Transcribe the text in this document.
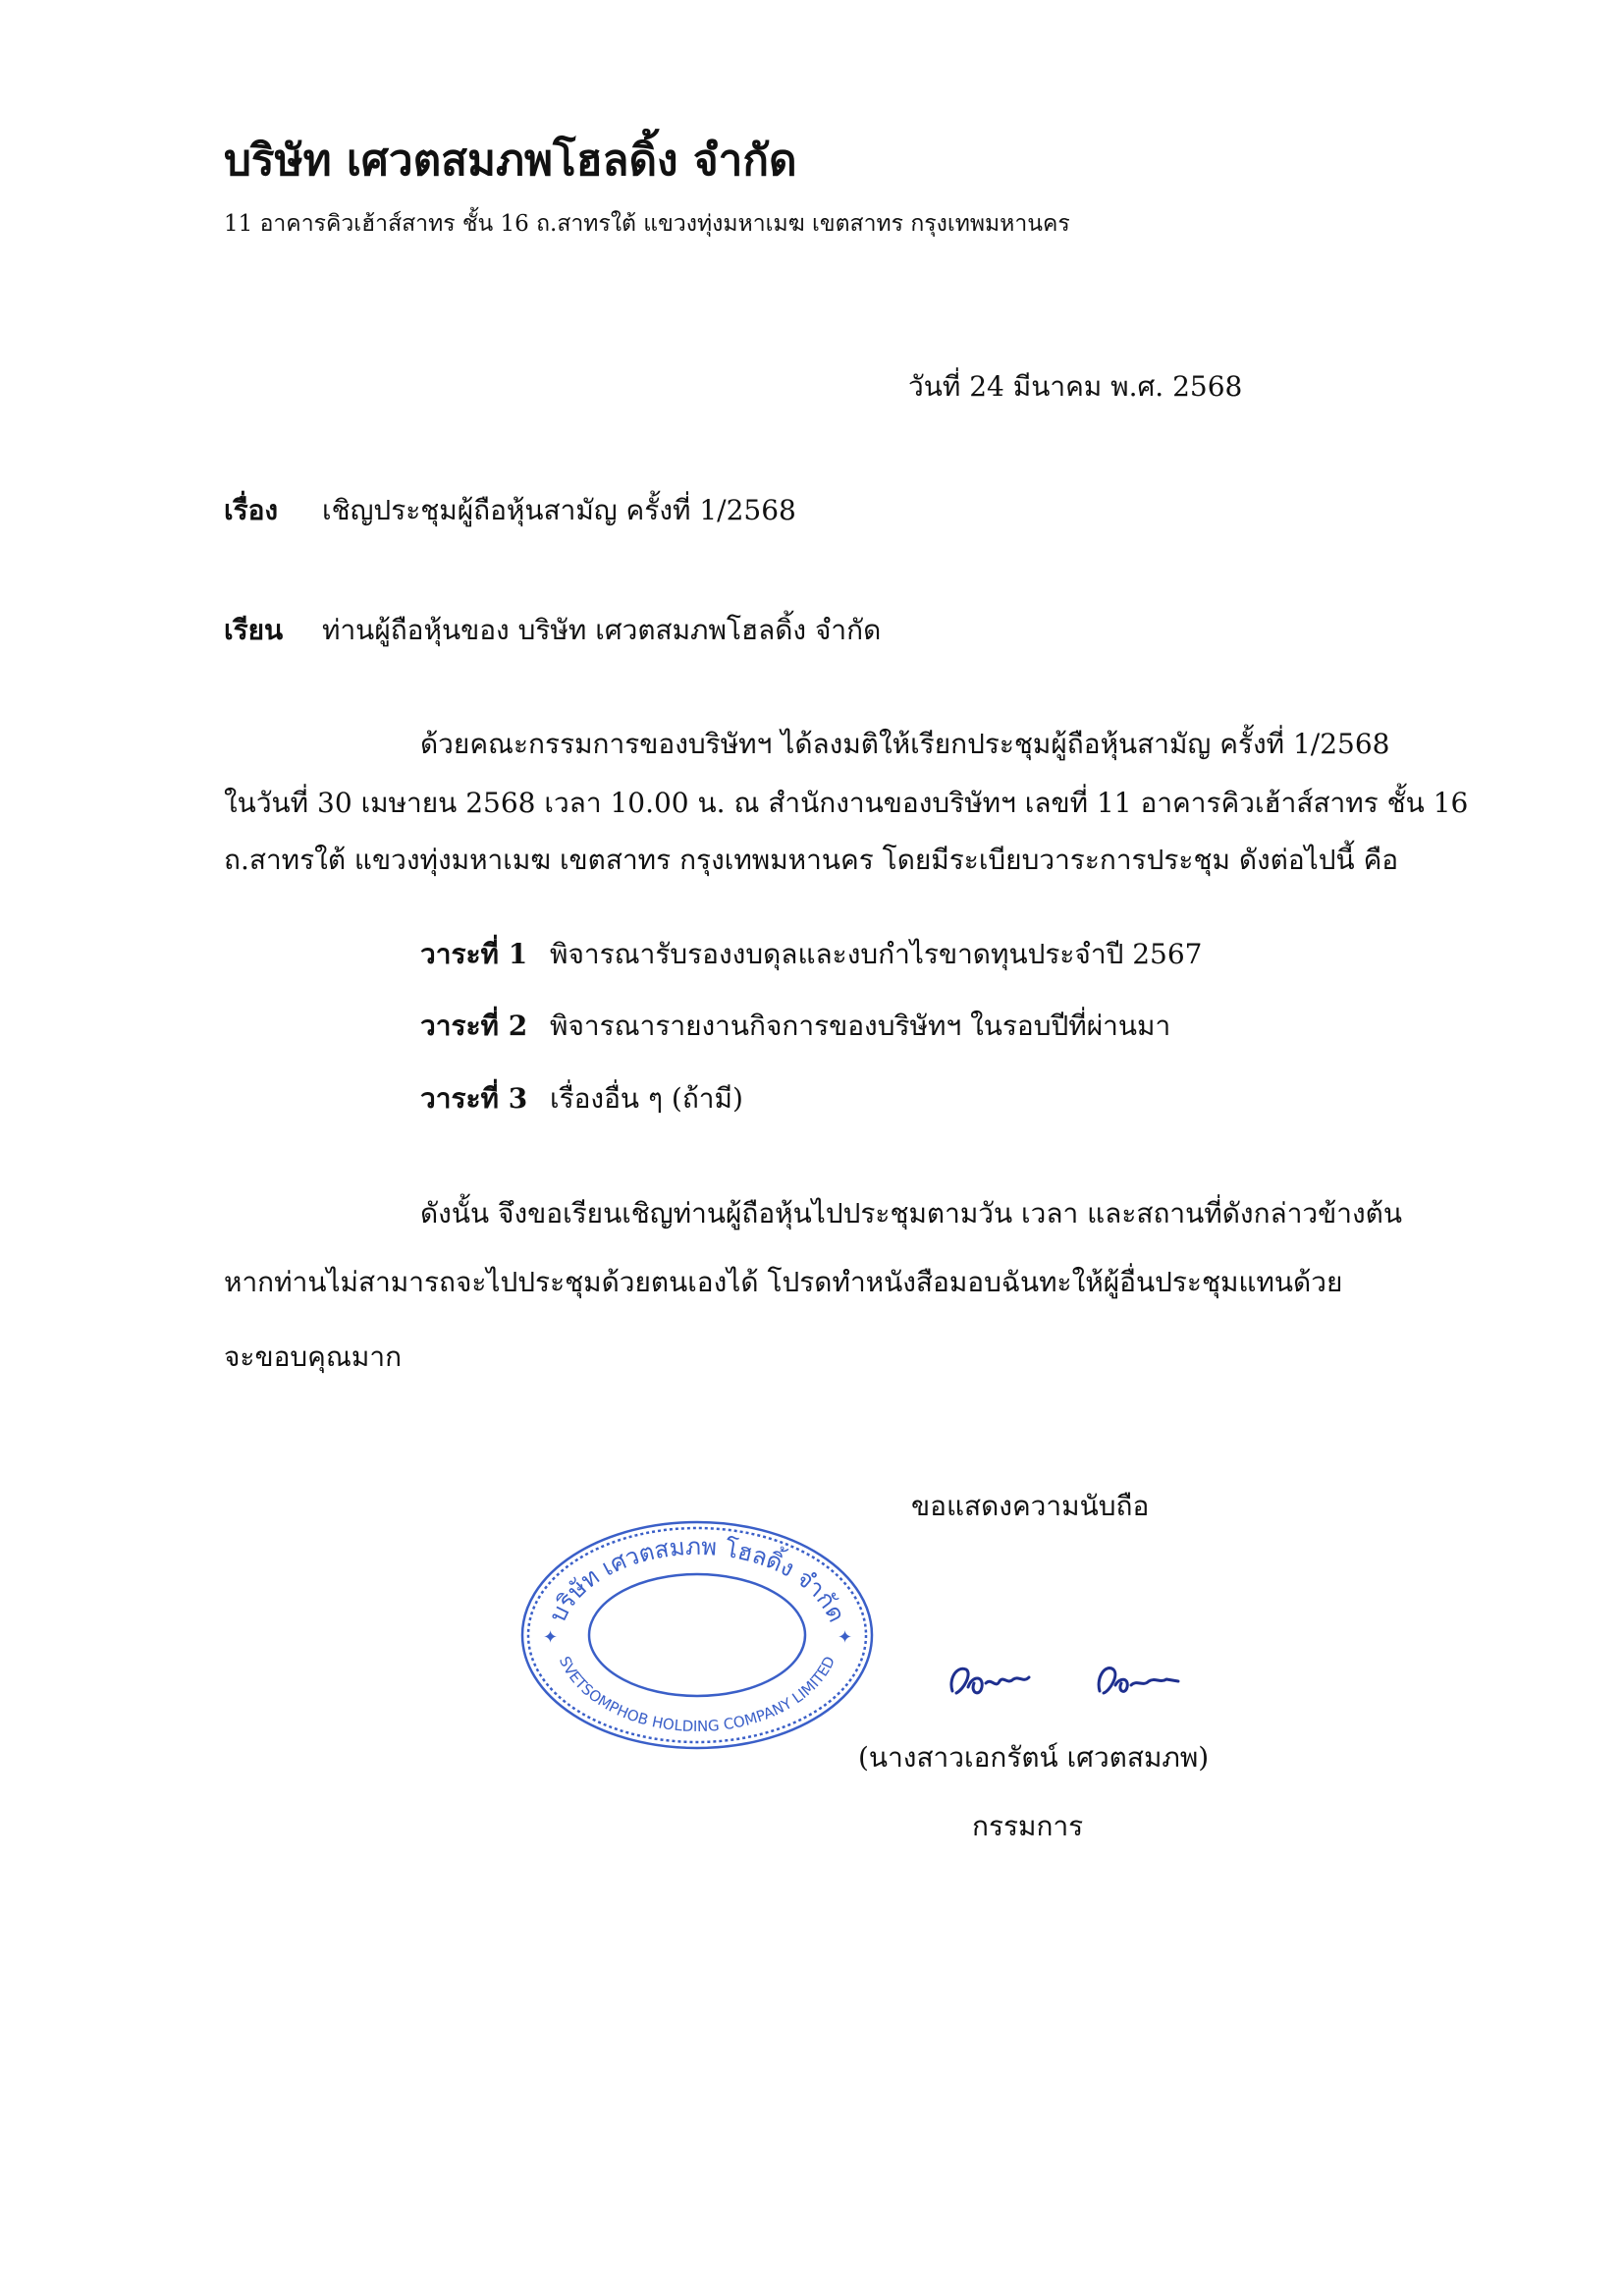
บริษัท เศวตสมภพโฮลดิ้ง จำกัด
11 อาคารคิวเฮ้าส์สาทร ชั้น 16 ถ.สาทรใต้ แขวงทุ่งมหาเมฆ เขตสาทร กรุงเทพมหานคร
วันที่ 24 มีนาคม พ.ศ. 2568
เรื่อง เชิญประชุมผู้ถือหุ้นสามัญ ครั้งที่ 1/2568
เรียน ท่านผู้ถือหุ้นของ บริษัท เศวตสมภพโฮลดิ้ง จำกัด
ด้วยคณะกรรมการของบริษัทฯ ได้ลงมติให้เรียกประชุมผู้ถือหุ้นสามัญ ครั้งที่ 1/2568
ในวันที่ 30 เมษายน 2568 เวลา 10.00 น. ณ สำนักงานของบริษัทฯ เลขที่ 11 อาคารคิวเฮ้าส์สาทร ชั้น 16
ถ.สาทรใต้ แขวงทุ่งมหาเมฆ เขตสาทร กรุงเทพมหานคร โดยมีระเบียบวาระการประชุม ดังต่อไปนี้ คือ
วาระที่ 1 พิจารณารับรองงบดุลและงบกำไรขาดทุนประจำปี 2567
วาระที่ 2 พิจารณารายงานกิจการของบริษัทฯ ในรอบปีที่ผ่านมา
วาระที่ 3 เรื่องอื่น ๆ (ถ้ามี)
ดังนั้น จึงขอเรียนเชิญท่านผู้ถือหุ้นไปประชุมตามวัน เวลา และสถานที่ดังกล่าวข้างต้น
หากท่านไม่สามารถจะไปประชุมด้วยตนเองได้ โปรดทำหนังสือมอบฉันทะให้ผู้อื่นประชุมแทนด้วย
จะขอบคุณมาก
ขอแสดงความนับถือ
บริษัท เศวตสมภพ โฮลดิ้ง จำกัด
SVETSOMPHOB HOLDING COMPANY LIMITED
✦	✦
(นางสาวเอกรัตน์ เศวตสมภพ)
กรรมการ
